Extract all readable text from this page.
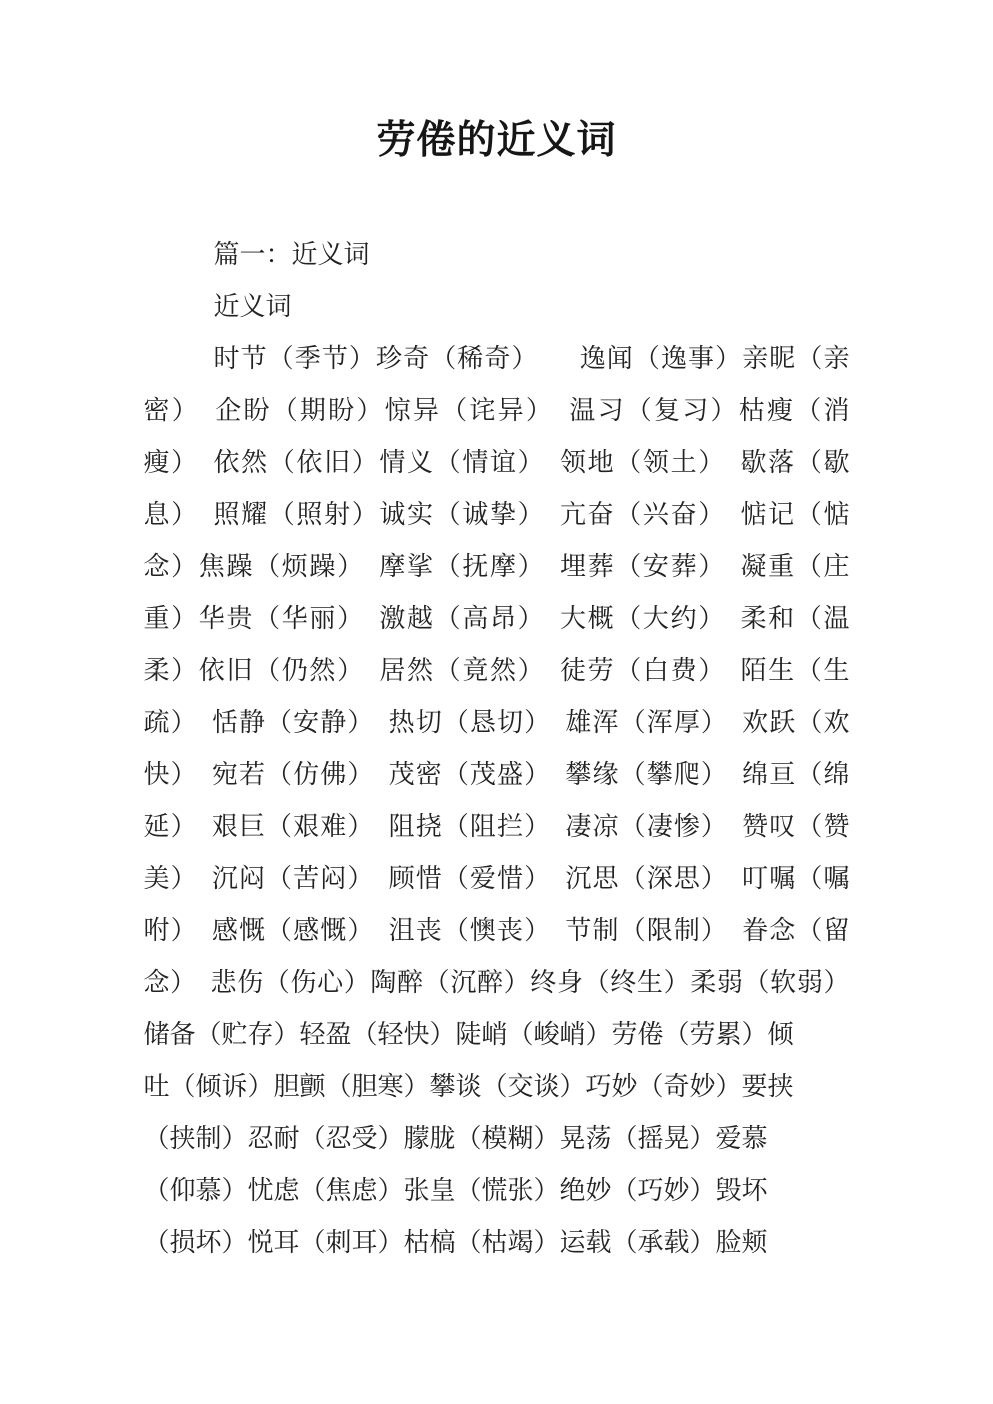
劳倦的近义词
篇一：近义词
近义词
时节（季节）珍奇（稀奇）　　逸闻（逸事）亲昵（亲
密）　企盼（期盼）惊异（诧异） 温习（复习）枯瘦（消
瘦） 依然（依旧）情义（情谊） 领地（领土） 歇落（歇
息）　照耀（照射）诚实（诚挚） 亢奋（兴奋） 惦记（惦
念）焦躁（烦躁） 摩挲（抚摩） 埋葬（安葬） 凝重（庄
重）华贵（华丽） 激越（高昂） 大概（大约） 柔和（温
柔）依旧（仍然） 居然（竟然） 徒劳（白费） 陌生（生
疏） 恬静（安静） 热切（恳切） 雄浑（浑厚） 欢跃（欢
快） 宛若（仿佛） 茂密（茂盛） 攀缘（攀爬） 绵亘（绵
延） 艰巨（艰难） 阻挠（阻拦） 凄凉（凄惨） 赞叹（赞
美） 沉闷（苦闷） 顾惜（爱惜） 沉思（深思） 叮嘱（嘱
咐） 感慨（感慨） 沮丧（懊丧） 节制（限制） 眷念（留
念） 悲伤（伤心）陶醉（沉醉）终身（终生）柔弱（软弱）
储备（贮存）轻盈（轻快）陡峭（峻峭）劳倦（劳累）倾
吐（倾诉）胆颤（胆寒）攀谈（交谈）巧妙（奇妙）要挟
（挟制）忍耐（忍受）朦胧（模糊）晃荡（摇晃）爱慕
（仰慕）忧虑（焦虑）张皇（慌张）绝妙（巧妙）毁坏
（损坏）悦耳（刺耳）枯槁（枯竭）运载（承载）脸颊
